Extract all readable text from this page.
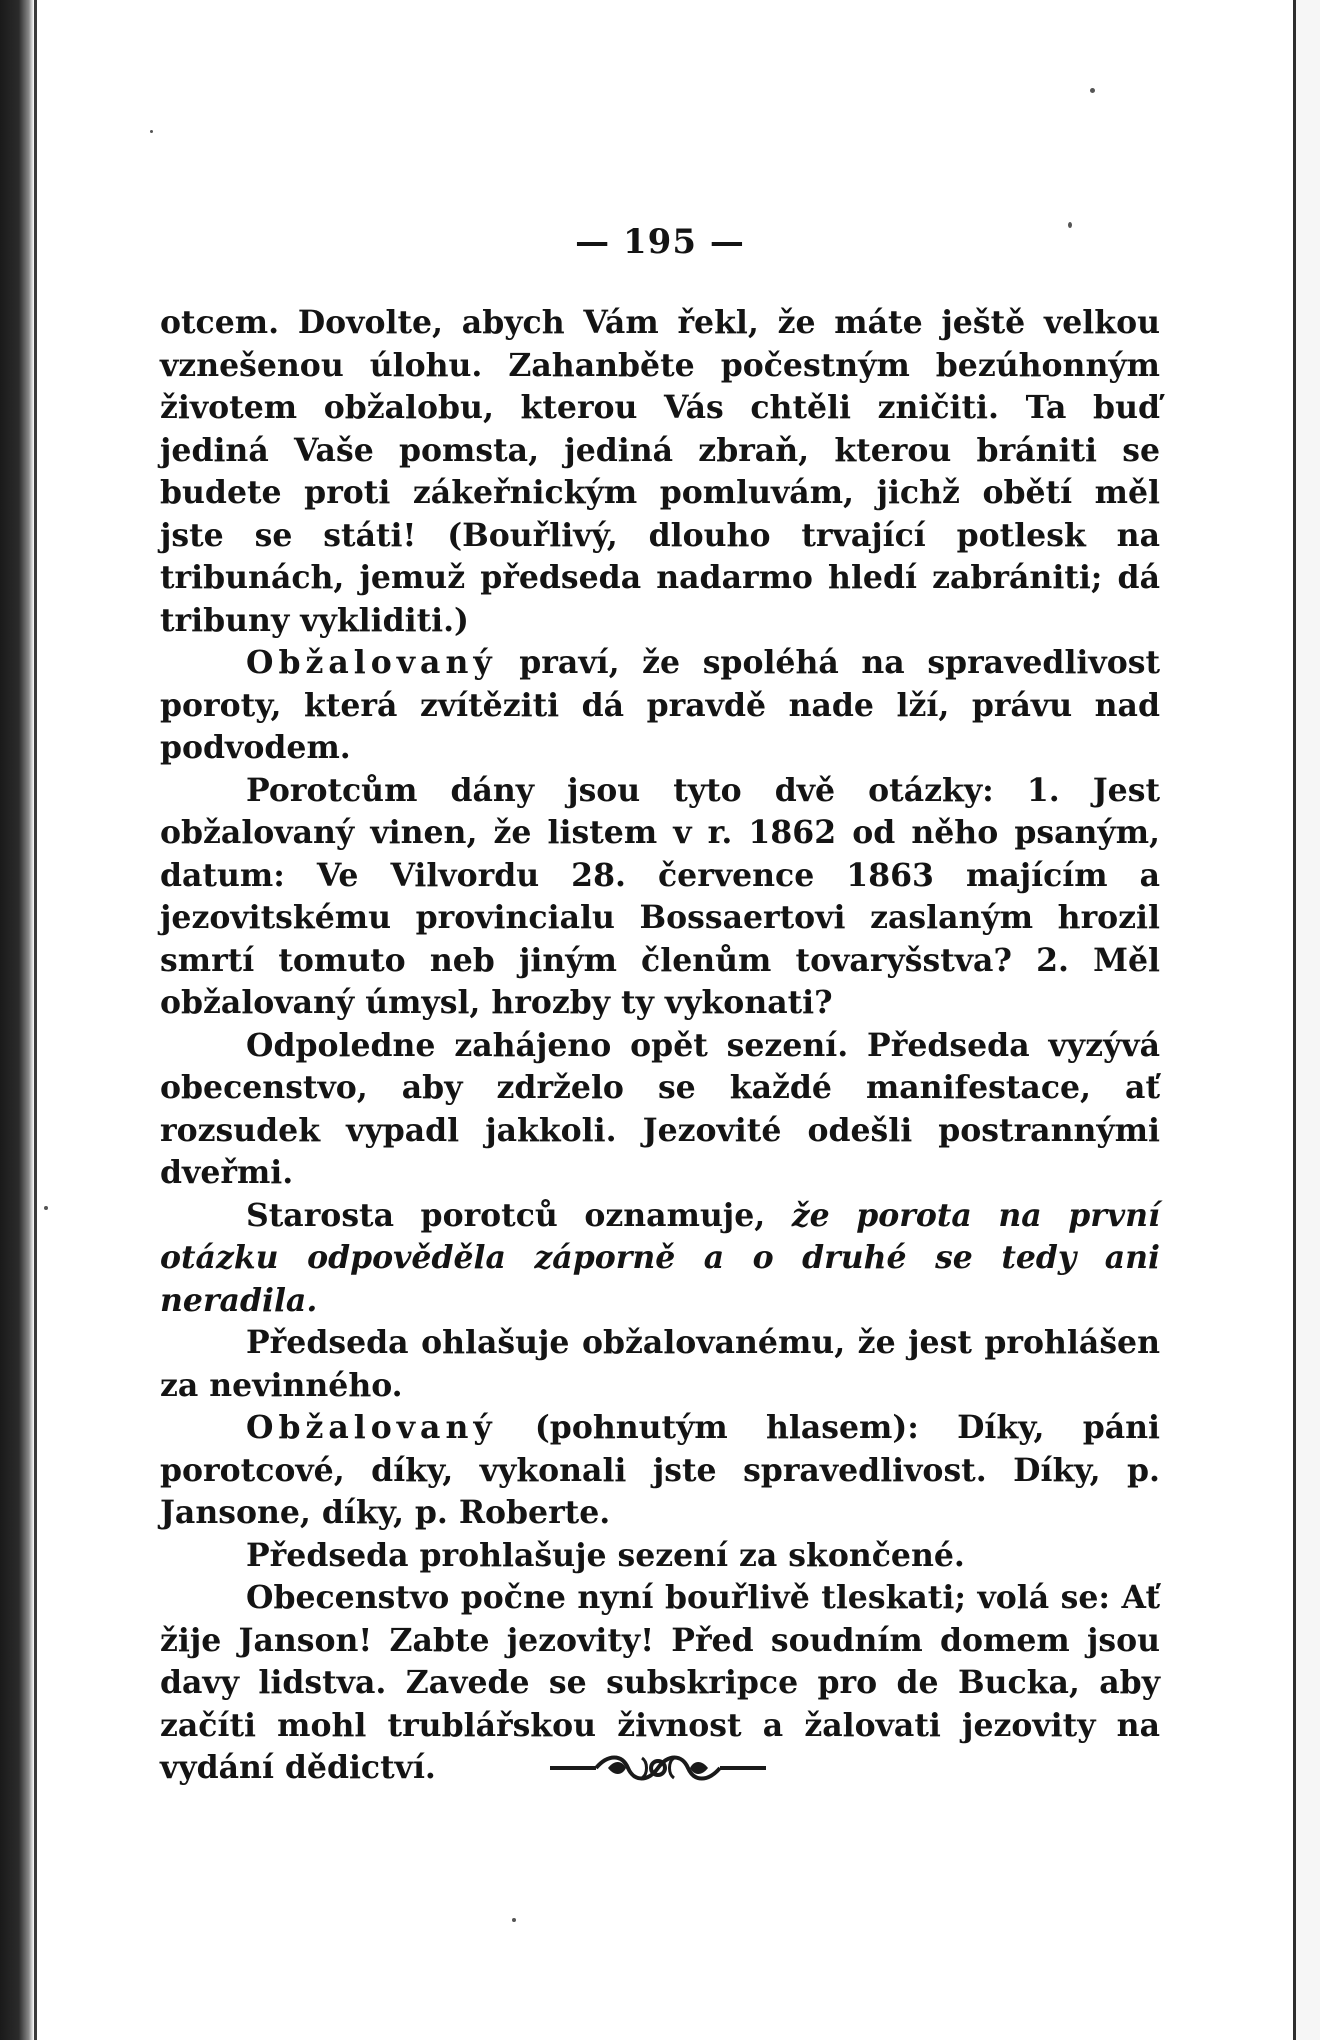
— 195 —

otcem. Dovolte, abych Vám řekl, že máte ještě velkou vznešenou úlohu. Zahanběte počestným bezúhonným životem obžalobu, kterou Vás chtěli zničiti. Ta buď jediná Vaše pomsta, jediná zbraň, kterou brániti se budete proti zákeřnickým pomluvám, jichž obětí měl jste se státi! (Bouřlivý, dlouho trvající potlesk na tribunách, jemuž předseda nadarmo hledí zabrániti; dá tribuny vykliditi.)

Obžalovaný praví, že spoléhá na spravedlivost poroty, která zvítěziti dá pravdě nade lží, právu nad podvodem.

Porotcům dány jsou tyto dvě otázky: 1. Jest obžalovaný vinen, že listem v r. 1862 od něho psaným, datum: Ve Vilvordu 28. července 1863 majícím a jezovitskému provincialu Bossaertovi zaslaným hrozil smrtí tomuto neb jiným členům tovaryšstva? 2. Měl obžalovaný úmysl, hrozby ty vykonati?

Odpoledne zahájeno opět sezení. Předseda vyzývá obecenstvo, aby zdrželo se každé manifestace, ať rozsudek vypadl jakkoli. Jezovité odešli postrannými dveřmi.

Starosta porotců oznamuje, že porota na první otázku odpověděla záporně a o druhé se tedy ani neradila.

Předseda ohlašuje obžalovanému, že jest prohlášen za nevinného.

Obžalovaný (pohnutým hlasem): Díky, páni porotcové, díky, vykonali jste spravedlivost. Díky, p. Jansone, díky, p. Roberte.

Předseda prohlašuje sezení za skončené.

Obecenstvo počne nyní bouřlivě tleskati; volá se: Ať žije Janson! Zabte jezovity! Před soudním domem jsou davy lidstva. Zavede se subskripce pro de Bucka, aby začíti mohl trublářskou živnost a žalovati jezovity na vydání dědictví.
